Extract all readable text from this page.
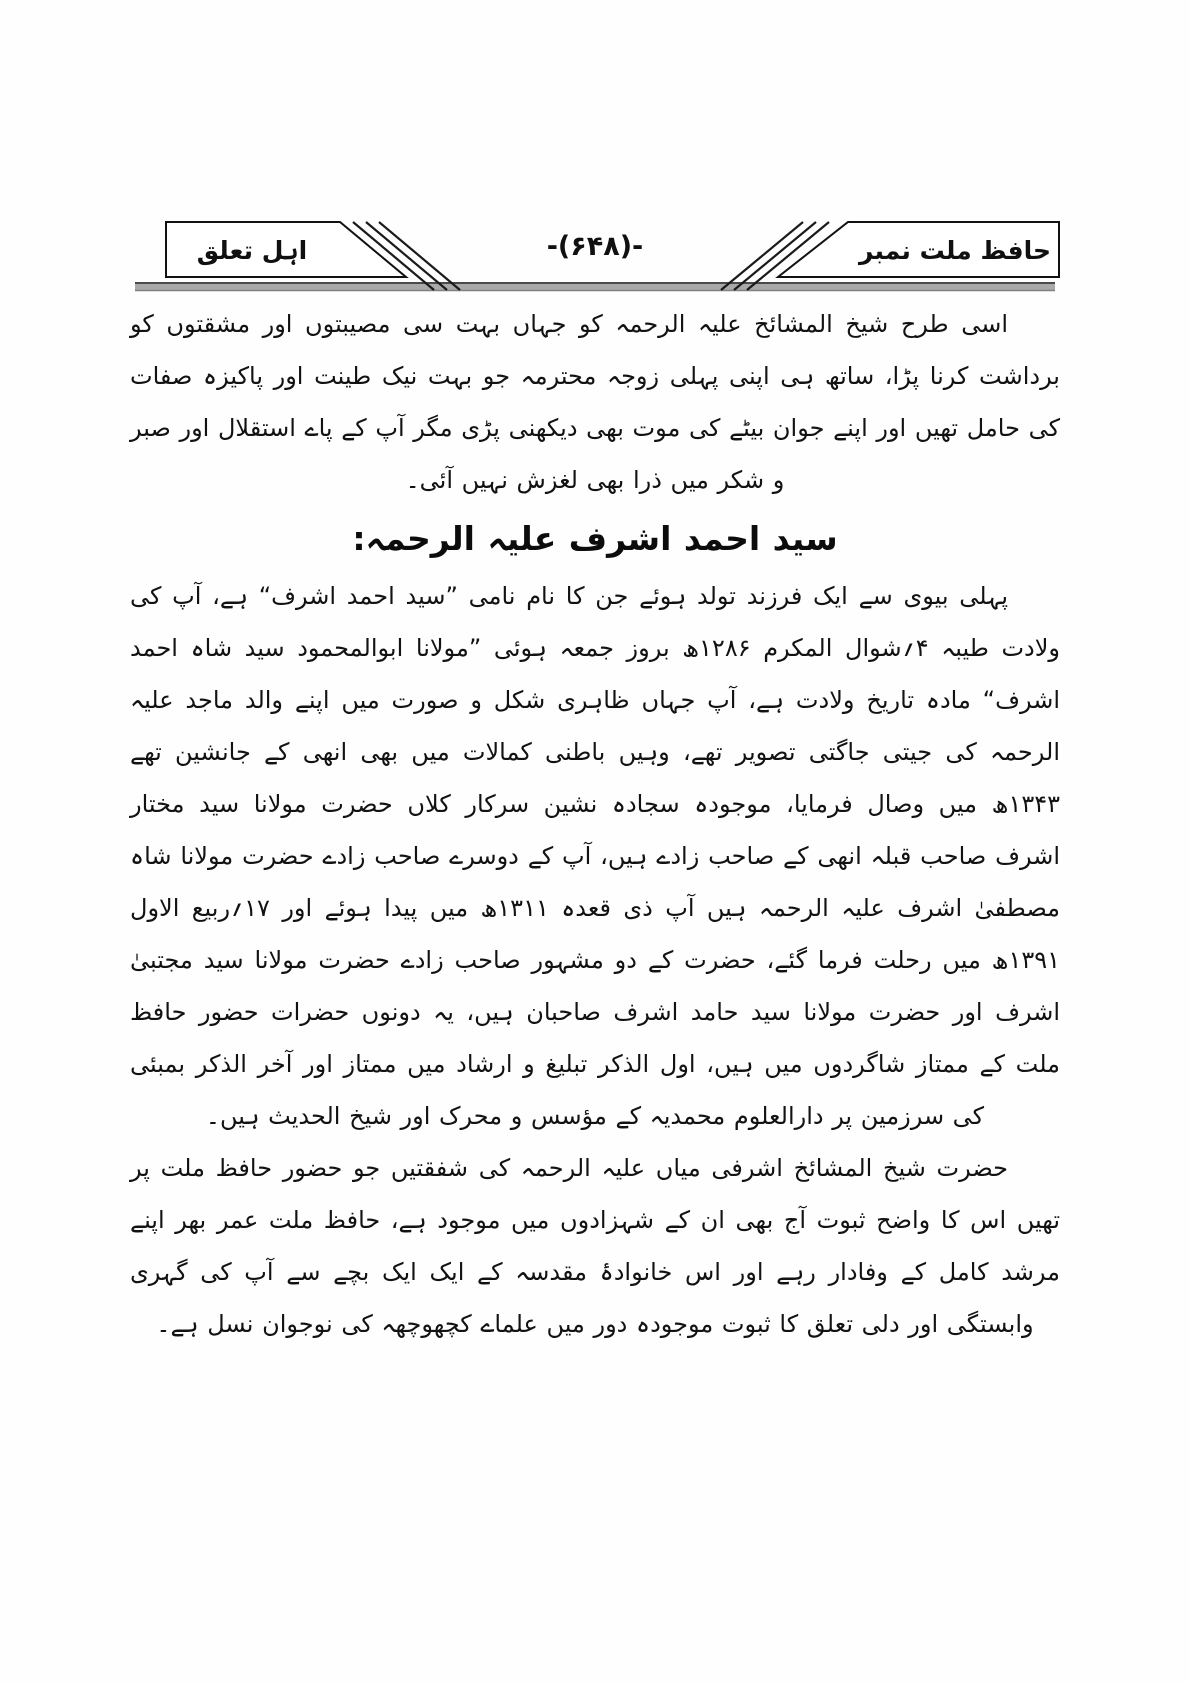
اہل تعلق	حافظ ملت نمبر
-(۶۴۸)-

اسی طرح شیخ المشائخ علیہ الرحمہ کو جہاں بہت سی مصیبتوں اور مشقتوں کو برداشت کرنا پڑا، ساتھ ہی اپنی پہلی زوجہ محترمہ جو بہت نیک طینت اور پاکیزہ صفات کی حامل تھیں اور اپنے جوان بیٹے کی موت بھی دیکھنی پڑی مگر آپ کے پاے استقلال اور صبر و شکر میں ذرا بھی لغزش نہیں آئی۔

سید احمد اشرف علیہ الرحمہ:

پہلی بیوی سے ایک فرزند تولد ہوئے جن کا نام نامی ”سید احمد اشرف“ ہے، آپ کی ولادت طیبہ ۴؍شوال المکرم ۱۲۸۶ھ بروز جمعہ ہوئی ”مولانا ابوالمحمود سید شاہ احمد اشرف“ مادہ تاریخ ولادت ہے، آپ جہاں ظاہری شکل و صورت میں اپنے والد ماجد علیہ الرحمہ کی جیتی جاگتی تصویر تھے، وہیں باطنی کمالات میں بھی انھی کے جانشین تھے ۱۳۴۳ھ میں وصال فرمایا، موجودہ سجادہ نشین سرکار کلاں حضرت مولانا سید مختار اشرف صاحب قبلہ انھی کے صاحب زادے ہیں، آپ کے دوسرے صاحب زادے حضرت مولانا شاہ مصطفیٰ اشرف علیہ الرحمہ ہیں آپ ذی قعدہ ۱۳۱۱ھ میں پیدا ہوئے اور ۱۷؍ربیع الاول ۱۳۹۱ھ میں رحلت فرما گئے، حضرت کے دو مشہور صاحب زادے حضرت مولانا سید مجتبیٰ اشرف اور حضرت مولانا سید حامد اشرف صاحبان ہیں، یہ دونوں حضرات حضور حافظ ملت کے ممتاز شاگردوں میں ہیں، اول الذکر تبلیغ و ارشاد میں ممتاز اور آخر الذکر بمبئی کی سرزمین پر دارالعلوم محمدیہ کے مؤسس و محرک اور شیخ الحدیث ہیں۔

حضرت شیخ المشائخ اشرفی میاں علیہ الرحمہ کی شفقتیں جو حضور حافظ ملت پر تھیں اس کا واضح ثبوت آج بھی ان کے شہزادوں میں موجود ہے، حافظ ملت عمر بھر اپنے مرشد کامل کے وفادار رہے اور اس خانوادۂ مقدسہ کے ایک ایک بچے سے آپ کی گہری وابستگی اور دلی تعلق کا ثبوت موجودہ دور میں علماے کچھوچھہ کی نوجوان نسل ہے۔
